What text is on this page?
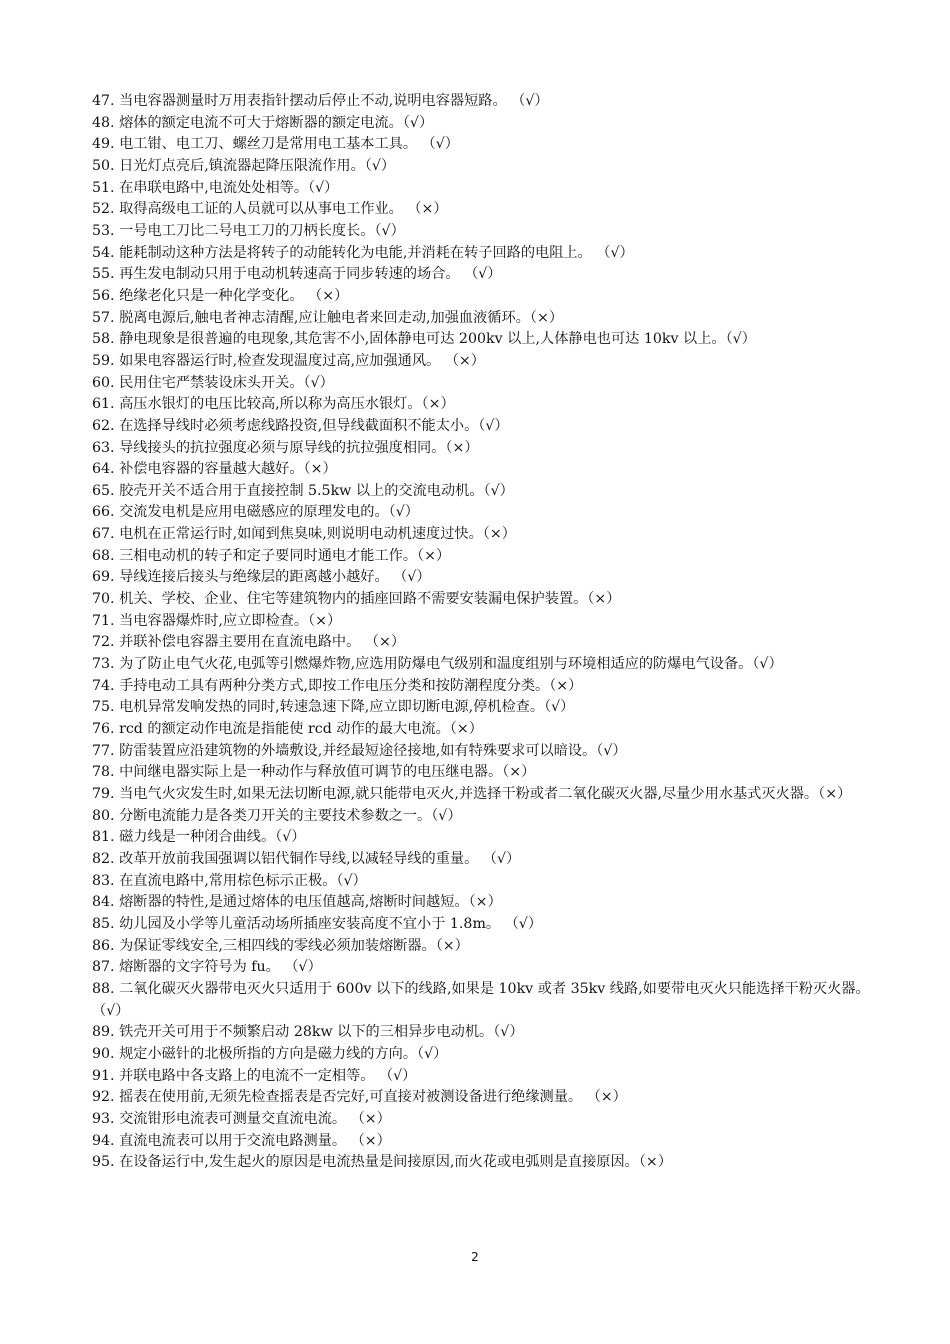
47. 当电容器测量时万用表指针摆动后停止不动,说明电容器短路。 （√）

48. 熔体的额定电流不可大于熔断器的额定电流。（√）

49. 电工钳、电工刀、螺丝刀是常用电工基本工具。 （√）

50. 日光灯点亮后,镇流器起降压限流作用。（√）

51. 在串联电路中,电流处处相等。（√）

52. 取得高级电工证的人员就可以从事电工作业。 （×）

53. 一号电工刀比二号电工刀的刀柄长度长。（√）

54. 能耗制动这种方法是将转子的动能转化为电能,并消耗在转子回路的电阻上。 （√）

55. 再生发电制动只用于电动机转速高于同步转速的场合。 （√）

56. 绝缘老化只是一种化学变化。 （×）

57. 脱离电源后,触电者神志清醒,应让触电者来回走动,加强血液循环。（×）

58. 静电现象是很普遍的电现象,其危害不小,固体静电可达 200kv 以上,人体静电也可达 10kv 以上。（√）

59. 如果电容器运行时,检查发现温度过高,应加强通风。 （×）

60. 民用住宅严禁装设床头开关。（√）

61. 高压水银灯的电压比较高,所以称为高压水银灯。（×）

62. 在选择导线时必须考虑线路投资,但导线截面积不能太小。（√）

63. 导线接头的抗拉强度必须与原导线的抗拉强度相同。（×）

64. 补偿电容器的容量越大越好。（×）

65. 胶壳开关不适合用于直接控制 5.5kw 以上的交流电动机。（√）

66. 交流发电机是应用电磁感应的原理发电的。（√）

67. 电机在正常运行时,如闻到焦臭味,则说明电动机速度过快。（×）

68. 三相电动机的转子和定子要同时通电才能工作。（×）

69. 导线连接后接头与绝缘层的距离越小越好。 （√）

70. 机关、学校、企业、住宅等建筑物内的插座回路不需要安装漏电保护装置。（×）

71. 当电容器爆炸时,应立即检查。（×）

72. 并联补偿电容器主要用在直流电路中。 （×）

73. 为了防止电气火花,电弧等引燃爆炸物,应选用防爆电气级别和温度组别与环境相适应的防爆电气设备。（√）

74. 手持电动工具有两种分类方式,即按工作电压分类和按防潮程度分类。（×）

75. 电机异常发响发热的同时,转速急速下降,应立即切断电源,停机检查。（√）

76. rcd 的额定动作电流是指能使 rcd 动作的最大电流。（×）

77. 防雷装置应沿建筑物的外墙敷设,并经最短途径接地,如有特殊要求可以暗设。（√）

78. 中间继电器实际上是一种动作与释放值可调节的电压继电器。（×）

79. 当电气火灾发生时,如果无法切断电源,就只能带电灭火,并选择干粉或者二氧化碳灭火器,尽量少用水基式灭火器。（×）

80. 分断电流能力是各类刀开关的主要技术参数之一。（√）

81. 磁力线是一种闭合曲线。（√）

82. 改革开放前我国强调以铝代铜作导线,以减轻导线的重量。 （√）

83. 在直流电路中,常用棕色标示正极。（√）

84. 熔断器的特性,是通过熔体的电压值越高,熔断时间越短。（×）

85. 幼儿园及小学等儿童活动场所插座安装高度不宜小于 1.8m。 （√）

86. 为保证零线安全,三相四线的零线必须加装熔断器。（×）

87. 熔断器的文字符号为 fu。 （√）

88. 二氧化碳灭火器带电灭火只适用于 600v 以下的线路,如果是 10kv 或者 35kv 线路,如要带电灭火只能选择干粉灭火器。（√）

89. 铁壳开关可用于不频繁启动 28kw 以下的三相异步电动机。（√）

90. 规定小磁针的北极所指的方向是磁力线的方向。（√）

91. 并联电路中各支路上的电流不一定相等。 （√）

92. 摇表在使用前,无须先检查摇表是否完好,可直接对被测设备进行绝缘测量。 （×）

93. 交流钳形电流表可测量交直流电流。 （×）

94. 直流电流表可以用于交流电路测量。 （×）

95. 在设备运行中,发生起火的原因是电流热量是间接原因,而火花或电弧则是直接原因。（×）

2
